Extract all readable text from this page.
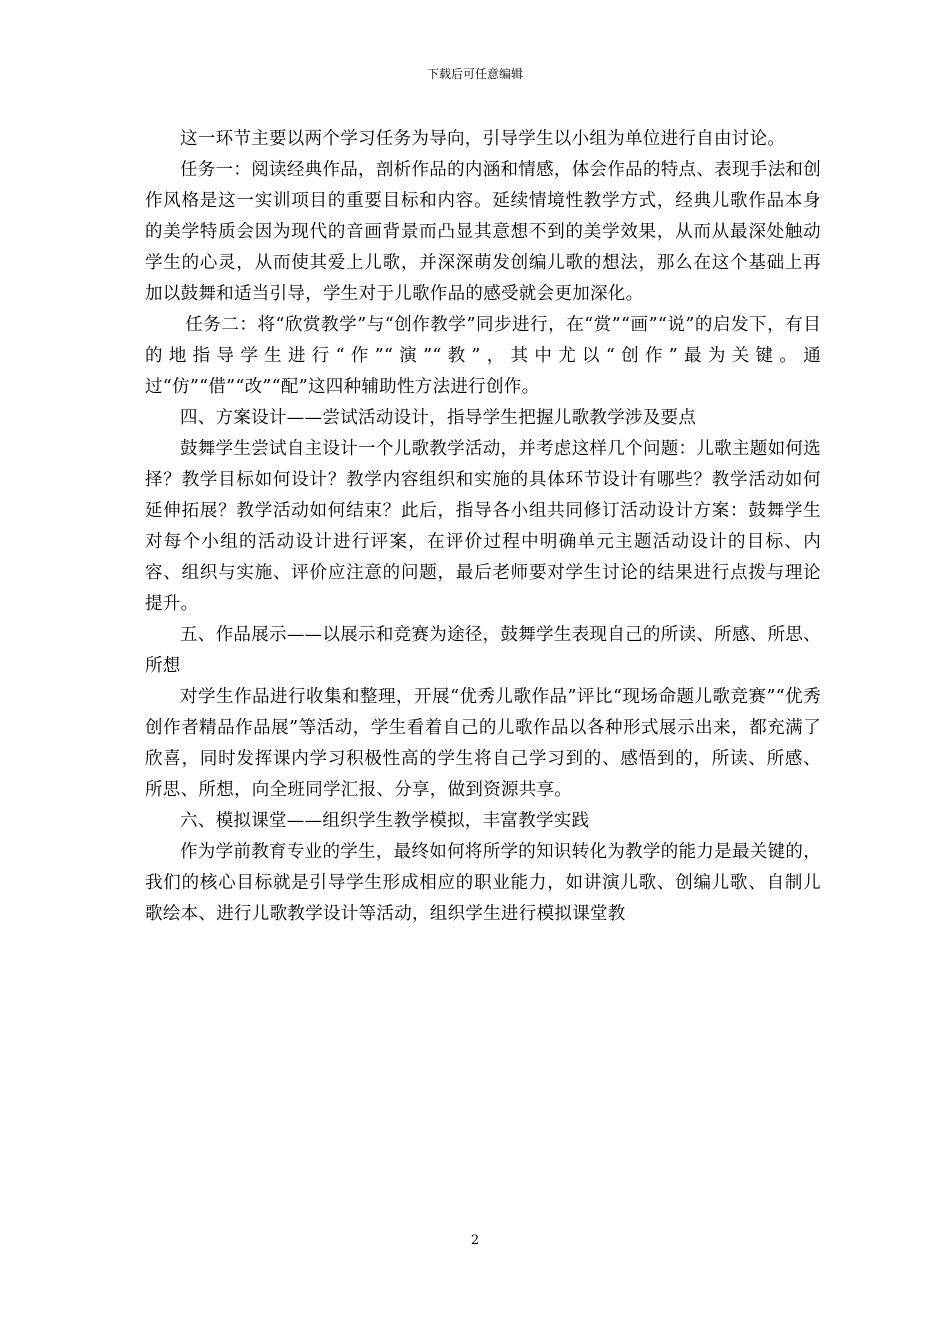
下载后可任意编辑

这一环节主要以两个学习任务为导向，引导学生以小组为单位进行自由讨论。

任务一：阅读经典作品，剖析作品的内涵和情感，体会作品的特点、表现手法和创作风格是这一实训项目的重要目标和内容。延续情境性教学方式，经典儿歌作品本身的美学特质会因为现代的音画背景而凸显其意想不到的美学效果，从而从最深处触动学生的心灵，从而使其爱上儿歌，并深深萌发创编儿歌的想法，那么在这个基础上再加以鼓舞和适当引导，学生对于儿歌作品的感受就会更加深化。

任务二：将“欣赏教学”与“创作教学”同步进行，在“赏”“画”“说”的启发下，有目的地指导学生进行“作”“演”“教”，其中尤以“创作”最为关键。通过“仿”“借”“改”“配”这四种辅助性方法进行创作。

四、方案设计——尝试活动设计，指导学生把握儿歌教学涉及要点

鼓舞学生尝试自主设计一个儿歌教学活动，并考虑这样几个问题：儿歌主题如何选择？教学目标如何设计？教学内容组织和实施的具体环节设计有哪些？教学活动如何延伸拓展？教学活动如何结束？此后，指导各小组共同修订活动设计方案：鼓舞学生对每个小组的活动设计进行评案，在评价过程中明确单元主题活动设计的目标、内容、组织与实施、评价应注意的问题，最后老师要对学生讨论的结果进行点拨与理论提升。

五、作品展示——以展示和竞赛为途径，鼓舞学生表现自己的所读、所感、所思、所想

对学生作品进行收集和整理，开展“优秀儿歌作品”评比“现场命题儿歌竞赛”“优秀创作者精品作品展”等活动，学生看着自己的儿歌作品以各种形式展示出来，都充满了欣喜，同时发挥课内学习积极性高的学生将自己学习到的、感悟到的，所读、所感、所思、所想，向全班同学汇报、分享，做到资源共享。

六、模拟课堂——组织学生教学模拟，丰富教学实践

作为学前教育专业的学生，最终如何将所学的知识转化为教学的能力是最关键的，我们的核心目标就是引导学生形成相应的职业能力，如讲演儿歌、创编儿歌、自制儿歌绘本、进行儿歌教学设计等活动，组织学生进行模拟课堂教

2
